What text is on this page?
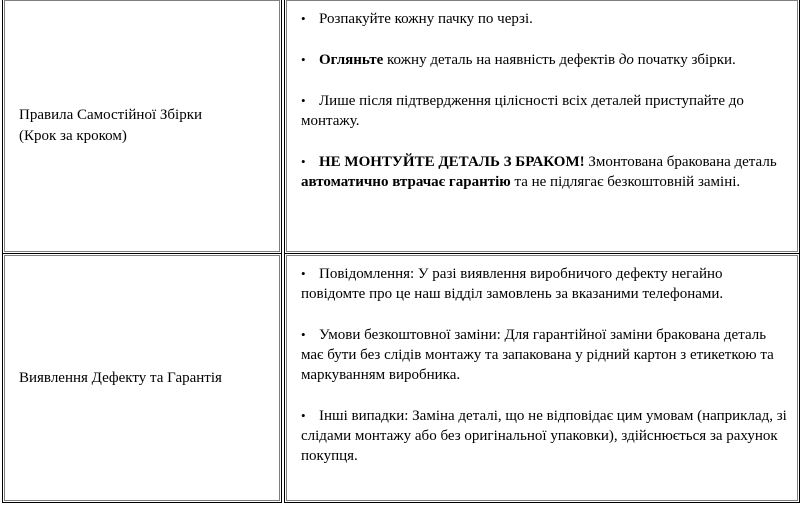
Правила Самостійної Збірки
(Крок за кроком)
• Розпакуйте кожну пачку по черзі.
• Огляньте кожну деталь на наявність дефектів до початку збірки.
• Лише після підтвердження цілісності всіх деталей приступайте до монтажу.
• НЕ МОНТУЙТЕ ДЕТАЛЬ З БРАКОМ! Змонтована бракована деталь автоматично втрачає гарантію та не підлягає безкоштовній заміні.
Виявлення Дефекту та Гарантія
• Повідомлення: У разі виявлення виробничого дефекту негайно повідомте про це наш відділ замовлень за вказаними телефонами.
• Умови безкоштовної заміни: Для гарантійної заміни бракована деталь має бути без слідів монтажу та запакована у рідний картон з етикеткою та маркуванням виробника.
• Інші випадки: Заміна деталі, що не відповідає цим умовам (наприклад, зі слідами монтажу або без оригінальної упаковки), здійснюється за рахунок покупця.
